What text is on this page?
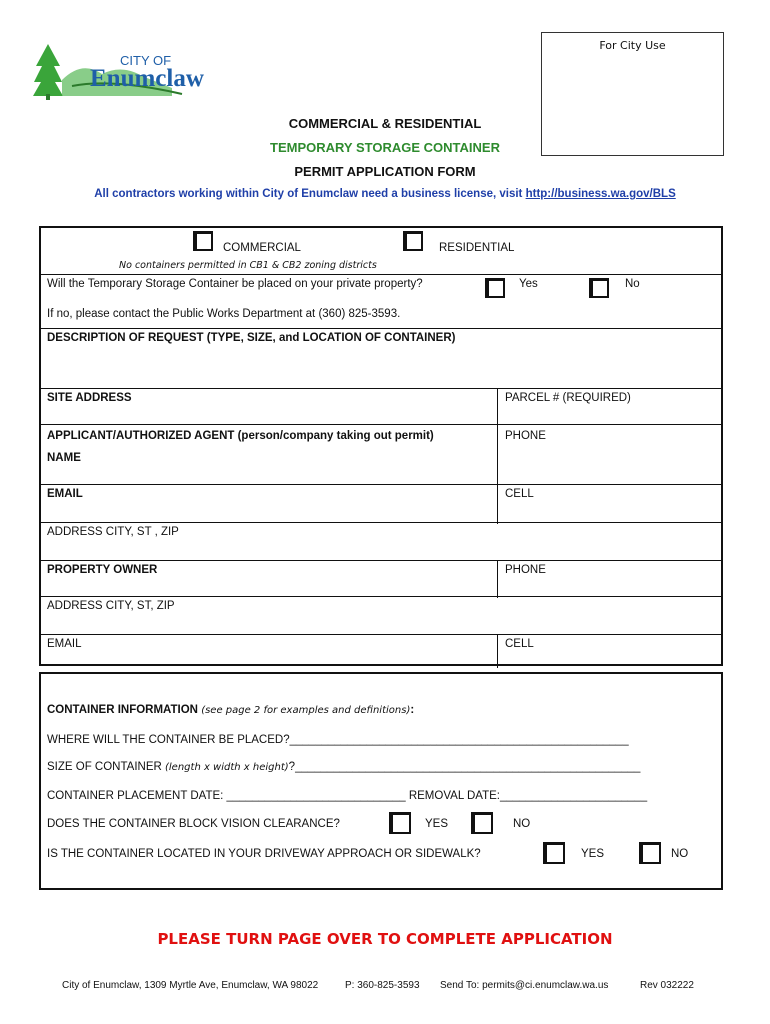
For City Use
CITY OF
Enumclaw
COMMERCIAL & RESIDENTIAL
TEMPORARY STORAGE CONTAINER
PERMIT APPLICATION FORM
All contractors working within City of Enumclaw need a business license, visit http://business.wa.gov/BLS
COMMERCIAL	RESIDENTIAL
No containers permitted in CB1 & CB2 zoning districts
Will the Temporary Storage Container be placed on your private property?	Yes	No
If no, please contact the Public Works Department at (360) 825-3593.
DESCRIPTION OF REQUEST (TYPE, SIZE, and LOCATION OF CONTAINER)
SITE ADDRESS	PARCEL # (REQUIRED)
APPLICANT/AUTHORIZED AGENT (person/company taking out permit)	PHONE
NAME
EMAIL	CELL
ADDRESS CITY, ST , ZIP
PROPERTY OWNER	PHONE
ADDRESS CITY, ST, ZIP
EMAIL	CELL
CONTAINER INFORMATION (see page 2 for examples and definitions):
WHERE WILL THE CONTAINER BE PLACED?_____________________________________________________
SIZE OF CONTAINER (length x width x height)?______________________________________________________
CONTAINER PLACEMENT DATE: ____________________________ REMOVAL DATE:_______________________
DOES THE CONTAINER BLOCK VISION CLEARANCE?	YES	NO
IS THE CONTAINER LOCATED IN YOUR DRIVEWAY APPROACH OR SIDEWALK?	YES	NO
PLEASE TURN PAGE OVER TO COMPLETE APPLICATION
City of Enumclaw, 1309 Myrtle Ave, Enumclaw, WA 98022	P: 360-825-3593 Send To: permits@ci.enumclaw.wa.us	Rev 032222
